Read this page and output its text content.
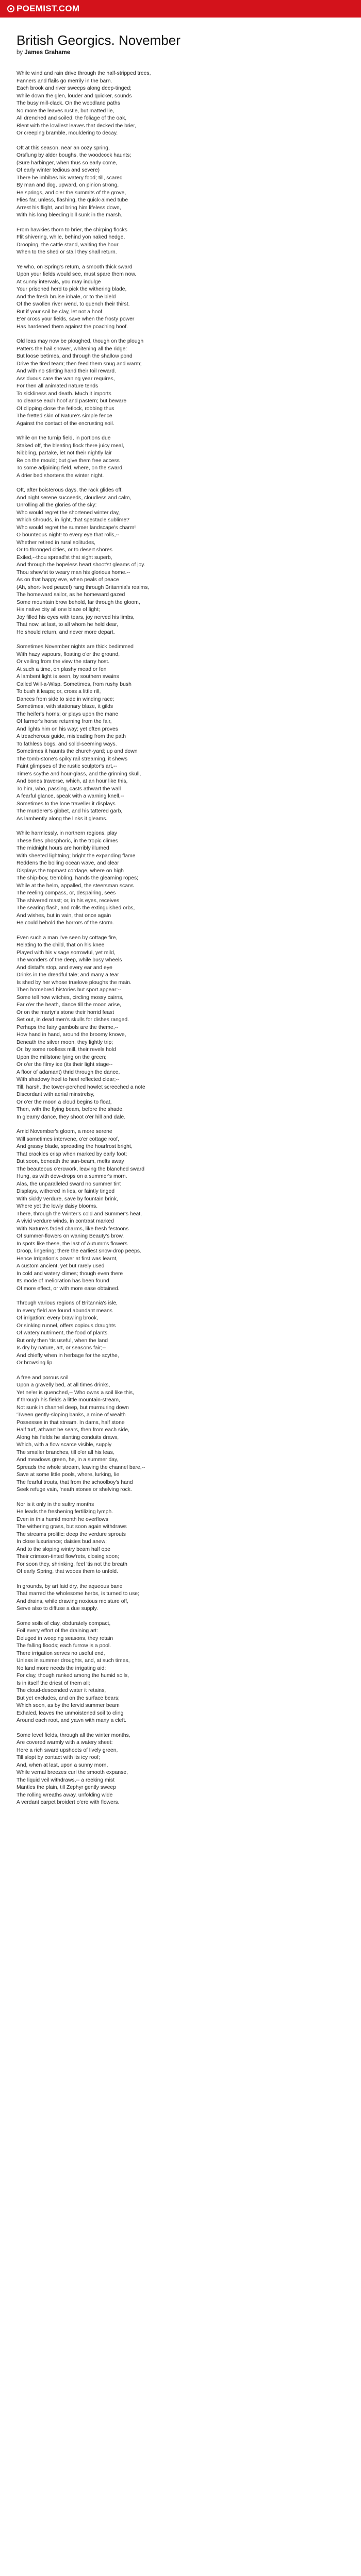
POEMIST.COM
British Georgics. November
by James Grahame

While wind and rain drive through the half-stripped trees,
Fanners and flails go merrily in the barn.
Each brook and river sweeps along deep-tinged;
While down the glen, louder and quicker, sounds
The busy mill-clack. On the woodland paths
No more the leaves rustle, but matted lie,
All drenched and soiled; the foliage of the oak,
Blent with the lowliest leaves that decked the brier,
Or creeping bramble, mouldering to decay.

Oft at this season, near an oozy spring,
Orsflung by alder boughs, the woodcock haunts;
(Sure harbinger, when thus so early come,
Of early winter tedious and severe)
There he imbibes his watery food; till, scared
By man and dog, upward, on pinion strong,
He springs, and o'er the summits of the grove,
Flies far, unless, flashing, the quick-aimed tube
Arrest his flight, and bring him lifeless down,
With his long bleeding bill sunk in the marsh.

From hawkies thorn to brier, the chirping flocks
Flit shivering, while, behind yon naked hedge,
Drooping, the cattle stand, waiting the hour
When to the shed or stall they shall return.

Ye who, on Spring's return, a smooth thick sward
Upon your fields would see, must spare them now.
At sunny intervals, you may indulge
Your prisoned herd to pick the withering blade,
And the fresh bruise inhale, or to the bield
Of the swollen river wend, to quench their thirst.
But if your soil be clay, let not a hoof
E'er cross your fields, save when the frosty power
Has hardened them against the poaching hoof.

Old leas may now be ploughed, though on the plough
Patters the hail shower, whitening all the ridge:
But loose betimes, and through the shallow pond
Drive the tired team; then feed them snug and warm;
And with no stinting hand their toil reward.
Assiduous care the waning year requires,
For then all animated nature tends
To sickliness and death. Much it imports
To cleanse each hoof and pastern; but beware
Of clipping close the fetlock, robbing thus
The fretted skin of Nature's simple fence
Against the contact of the encrusting soil.

While on the turnip field, in portions due
Staked off, the bleating flock there juicy meal,
Nibbling, partake, let not their nightly lair
Be on the mould; but give them free access
To some adjoining field, where, on the sward,
A drier bed shortens the winter night.

Oft, after boisterous days, the rack glides off,
And night serene succeeds, cloudless and calm,
Unrolling all the glories of the sky:
Who would regret the shortened winter day,
Which shrouds, in light, that spectacle sublime?
Who would regret the summer landscape's charm!
O bounteous night! to every eye that rolls,--
Whether retired in rural solitudes,
Or to thronged cities, or to desert shores
Exiled,--thou spread'st that sight superb,
And through the hopeless heart shoot'st gleams of joy.
Thou shew'st to weary man his glorious home.--
As on that happy eve, when peals of peace
(Ah, short-lived peace!) rang through Britannia's realms,
The homeward sailor, as he homeward gazed
Some mountain brow behold, far through the gloom,
His native city all one blaze of light;
Joy filled his eyes with tears, joy nerved his limbs,
That now, at last, to all whom he held dear,
He should return, and never more depart.

Sometimes November nights are thick bedimmed
With hazy vapours, floating o'er the ground,
Or veiling from the view the starry host.
At such a time, on plashy mead or fen
A lambent light is seen, by southern swains
Called Will-a-Wisp. Sometimes, from rushy bush
To bush it leaps; or, cross a little rill,
Dances from side to side in winding race;
Sometimes, with stationary blaze, it gilds
The heifer's horns; or plays upon the mane
Of farmer's horse returning from the fair,
And lights him on his way; yet often proves
A treacherous guide, misleading from the path
To fathless bogs, and solid-seeming ways.
Sometimes it haunts the church-yard; up and down
The tomb-stone's spiky rail streaming, it shews
Faint glimpses of the rustic sculptor's art,--
Time's scythe and hour-glass, and the grinning skull,
And bones traverse, which, at an hour like this,
To him, who, passing, casts athwart the wall
A fearful glance, speak with a warning knell,--
Sometimes to the lone traveller it displays
The murderer's gibbet, and his tattered garb,
As lambently along the links it gleams.

While harmlessly, in northern regions, play
These fires phosphoric, in the tropic climes
The midnight hours are horribly illumed
With sheeted lightning; bright the expanding flame
Reddens the boiling ocean wave, and clear
Displays the topmast cordage, where on high
The ship-boy, trembling, hands the gleaming ropes;
While at the helm, appalled, the steersman scans
The reeling compass, or, despairing, sees
The shivered mast; or, in his eyes, receives
The searing flash, and rolls the extinguished orbs,
And wishes, but in vain, that once again
He could behold the horrors of the storm.

Even such a man I've seen by cottage fire,
Relating to the child, that on his knee
Played with his visage sorrowful, yet mild,
The wonders of the deep, while busy wheels
And distaffs stop, and every ear and eye
Drinks in the dreadful tale; and many a tear
Is shed by her whose truelove ploughs the main.
Then homebred histories but sport appear:--
Some tell how witches, circling mossy cairns,
Far o'er the heath, dance till the moon arise,
Or on the martyr's stone their horrid feast
Set out, in dead men's skulls for dishes ranged.
Perhaps the fairy gambols are the theme,--
How hand in hand, around the broomy knowe,
Beneath the silver moon, they lightly trip;
Or, by some roofless mill, their revels hold
Upon the millstone lying on the green;
Or o'er the filmy ice (its their light stage--
A floor of adamant) thrid through the dance,
With shadowy heel to heel reflected clear;--
Till, harsh, the tower-perched howlet screeched a note
Discordant with aerial minstrelsy,
Or o'er the moon a cloud begins to float,
Then, with the flying beam, before the shade,
In gleamy dance, they shoot o'er hill and dale.

Amid November's gloom, a more serene
Will sometimes intervene, o'er cottage roof,
And grassy blade, spreading the hoarfrost bright,
That crackles crisp when marked by early foot;
But soon, beneath the sun-beam, melts away
The beauteous o'ercwork, leaving the blanched sward
Hung, as with dew-drops on a summer's morn.
Alas, the unparalleled sward no summer tint
Displays, withered in lies, or faintly tinged
With sickly verdure, save by fountain brink,
Where yet the lowly daisy blooms.
There, through the Winter's cold and Summer's heat,
A vivid verdure winds, in contrast marked
With Nature's faded charms, like fresh festoons
Of summer-flowers on waning Beauty's brow.
In spots like these, the last of Autumn's flowers
Droop, lingering; there the earliest snow-drop peeps.
Hence Irrigation's power at first was learnt,
A custom ancient, yet but rarely used
In cold and watery climes; though even there
Its mode of melioration has been found
Of more effect, or with more ease obtained.

Through various regions of Britannia's isle,
In every field are found abundant means
Of irrigation: every brawling brook,
Or sinking runnel, offers copious draughts
Of watery nutriment, the food of plants.
But only then 'tis useful, when the land
Is dry by nature, art, or seasons fair;--
And chiefly when in herbage for the scythe,
Or browsing lip.

A free and porous soil
Upon a gravelly bed, at all times drinks,
Yet ne'er is quenched,-- Who owns a soil like this,
If through his fields a little mountain-stream,
Not sunk in channel deep, but murmuring down
'Tween gently-sloping banks, a mine of wealth
Possesses in that stream. In dams, half stone
Half turf, athwart he sears, then from each side,
Along his fields he slanting conduits draws,
Which, with a flow scarce visible, supply
The smaller branches, till o'er all his leas,
And meadows green, he, in a summer day,
Spreads the whole stream, leaving the channel bare,--
Save at some little pools, where, lurking, lie
The fearful trouts, that from the schoolboy's hand
Seek refuge vain, 'neath stones or shelving rock.

Nor is it only in the sultry months
He leads the freshening fertilizing lymph.
Even in this humid month he overflows
The withering grass, but soon again withdraws
The streams prolific: deep the verdure sprouts
In close luxuriance; daisies bud anew;
And to the sloping wintry beam half ope
Their crimson-tinted flow'rets, closing soon;
For soon they, shrinking, feel 'tis not the breath
Of early Spring, that wooes them to unfold.

In grounds, by art laid dry, the aqueous bane
That marred the wholesome herbs, is turned to use;
And drains, while drawing noxious moisture off,
Serve also to diffuse a due supply.

Some soils of clay, obdurately compact,
Foil every effort of the draining art:
Deluged in weeping seasons, they retain
The falling floods; each furrow is a pool.
There irrigation serves no useful end,
Unless in summer droughts, and, at such times,
No land more needs the irrigating aid:
For clay, though ranked among the humid soils,
Is in itself the driest of them all;
The cloud-descended water it retains,
But yet excludes, and on the surface bears;
Which soon, as by the fervid summer beam
Exhaled, leaves the unmoistened soil to cling
Around each root, and yawn with many a cleft.

Some level fields, through all the winter months,
Are covered warmly with a watery sheet:
Here a rich sward upshoots of lively green,
Till slopt by contact with its icy roof;
And, when at last, upon a sunny morn,
While vernal breezes curl the smooth expanse,
The liquid veil withdraws,-- a reeking mist
Mantles the plain, till Zephyr gently sweep
The rolling wreaths away, unfolding wide
A verdant carpet broidert o'ere with flowers.
